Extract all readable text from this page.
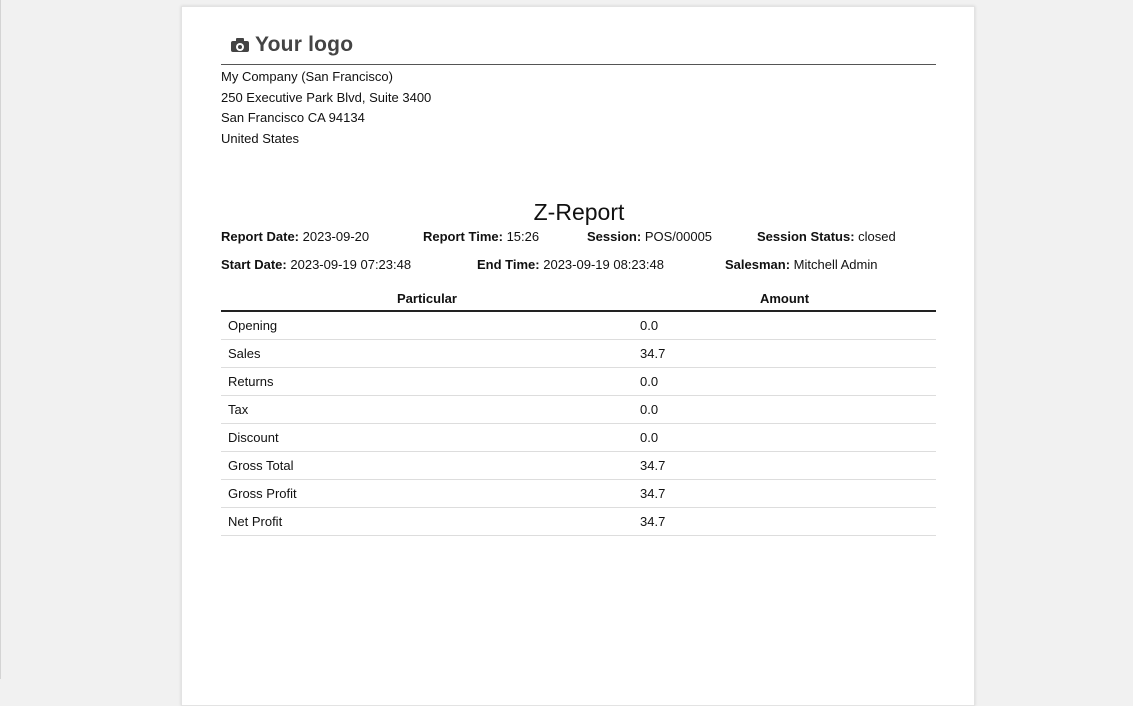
Your logo
My Company (San Francisco)
250 Executive Park Blvd, Suite 3400
San Francisco CA 94134
United States
Z-Report
Report Date: 2023-09-20	Report Time: 15:26	Session: POS/00005	Session Status: closed
Start Date: 2023-09-19 07:23:48	End Time: 2023-09-19 08:23:48	Salesman: Mitchell Admin
Particular	Amount
Opening	0.0
Sales	34.7
Returns	0.0
Tax	0.0
Discount	0.0
Gross Total	34.7
Gross Profit	34.7
Net Profit	34.7
